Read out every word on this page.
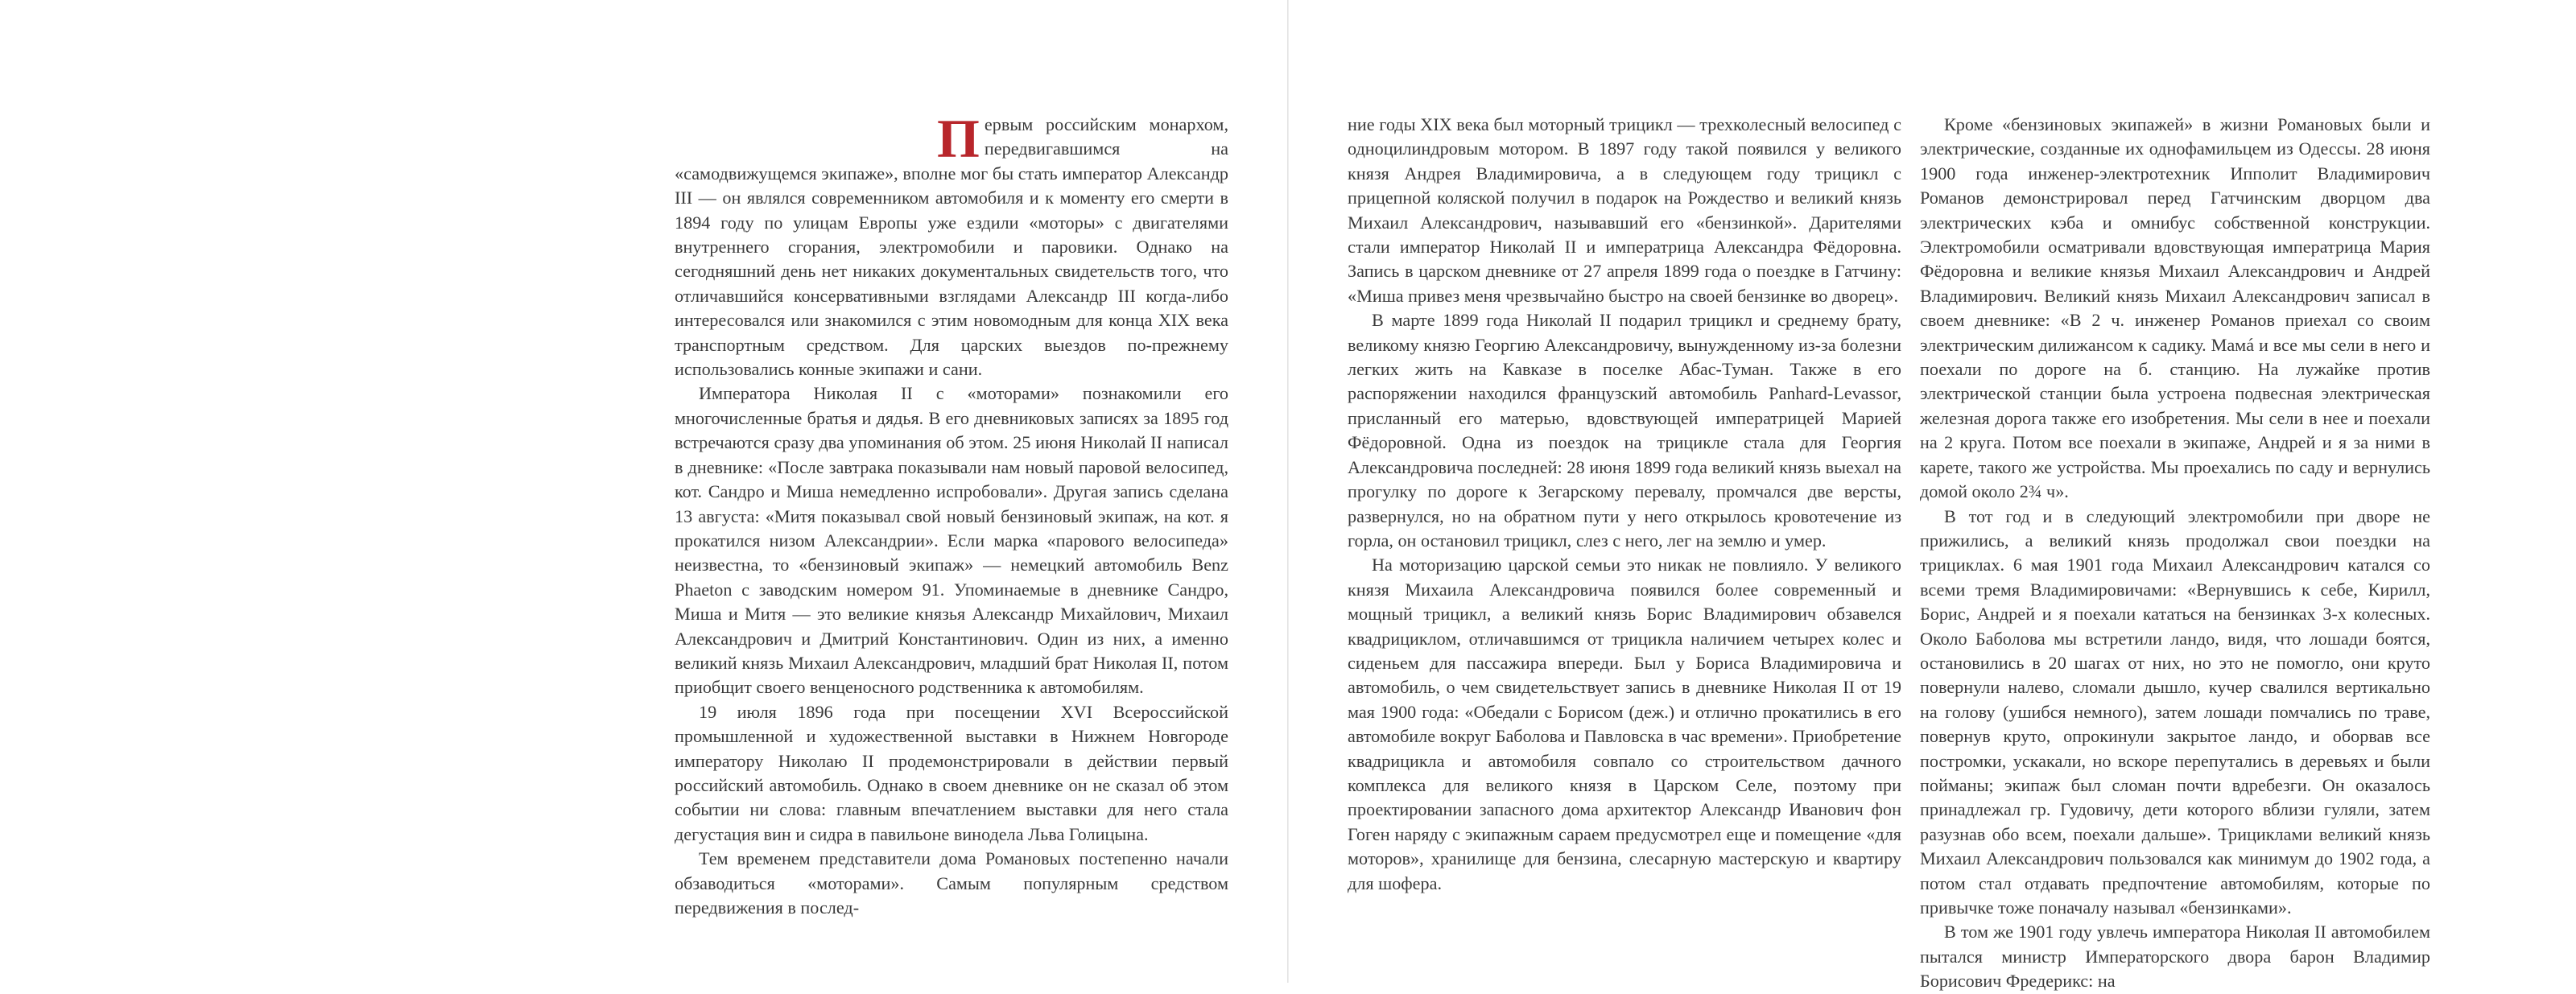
Первым российским монархом, передвигавшимся на «самодвижущемся экипаже», вполне мог бы стать император Александр III — он являлся современником автомобиля и к моменту его смерти в 1894 году по улицам Европы уже ездили «моторы» с двигателями внутреннего сгорания, электромобили и паровики. Однако на сегодняшний день нет никаких документальных свидетельств того, что отличавшийся консервативными взглядами Александр III когда-либо интересовался или знакомился с этим новомодным для конца XIX века транспортным средством. Для царских выездов по-прежнему использовались конные экипажи и сани.

Императора Николая II с «моторами» познакомили его многочисленные братья и дядья. В его дневниковых записях за 1895 год встречаются сразу два упоминания об этом. 25 июня Николай II написал в дневнике: «После завтрака показывали нам новый паровой велосипед, кот. Сандро и Миша немедленно испробовали». Другая запись сделана 13 августа: «Митя показывал свой новый бензиновый экипаж, на кот. я прокатился низом Александрии». Если марка «парового велосипеда» неизвестна, то «бензиновый экипаж» — немецкий автомобиль Benz Phaeton с заводским номером 91. Упоминаемые в дневнике Сандро, Миша и Митя — это великие князья Александр Михайлович, Михаил Александрович и Дмитрий Константинович. Один из них, а именно великий князь Михаил Александрович, младший брат Николая II, потом приобщит своего венценосного родственника к автомобилям.

19 июля 1896 года при посещении XVI Всероссийской промышленной и художественной выставки в Нижнем Новгороде императору Николаю II продемонстрировали в действии первый российский автомобиль. Однако в своем дневнике он не сказал об этом событии ни слова: главным впечатлением выставки для него стала дегустация вин и сидра в павильоне винодела Льва Голицына.

Тем временем представители дома Романовых постепенно начали обзаводиться «моторами». Самым популярным средством передвижения в послед-

ние годы XIX века был моторный трицикл — трехколесный велосипед с одноцилиндровым мотором. В 1897 году такой появился у великого князя Андрея Владимировича, а в следующем году трицикл с прицепной коляской получил в подарок на Рождество и великий князь Михаил Александрович, называвший его «бензинкой». Дарителями стали император Николай II и императрица Александра Фёдоровна. Запись в царском дневнике от 27 апреля 1899 года о поездке в Гатчину: «Миша привез меня чрезвычайно быстро на своей бензинке во дворец».

В марте 1899 года Николай II подарил трицикл и среднему брату, великому князю Георгию Александровичу, вынужденному из-за болезни легких жить на Кавказе в поселке Абас-Туман. Также в его распоряжении находился французский автомобиль Panhard-Levassor, присланный его матерью, вдовствующей императрицей Марией Фёдоровной. Одна из поездок на трицикле стала для Георгия Александровича последней: 28 июня 1899 года великий князь выехал на прогулку по дороге к Зегарскому перевалу, промчался две версты, развернулся, но на обратном пути у него открылось кровотечение из горла, он остановил трицикл, слез с него, лег на землю и умер.

На моторизацию царской семьи это никак не повлияло. У великого князя Михаила Александровича появился более современный и мощный трицикл, а великий князь Борис Владимирович обзавелся квадрициклом, отличавшимся от трицикла наличием четырех колес и сиденьем для пассажира впереди. Был у Бориса Владимировича и автомобиль, о чем свидетельствует запись в дневнике Николая II от 19 мая 1900 года: «Обедали с Борисом (деж.) и отлично прокатились в его автомобиле вокруг Баболова и Павловска в час времени». Приобретение квадрицикла и автомобиля совпало со строительством дачного комплекса для великого князя в Царском Селе, поэтому при проектировании запасного дома архитектор Александр Иванович фон Гоген наряду с экипажным сараем предусмотрел еще и помещение «для моторов», хранилище для бензина, слесарную мастерскую и квартиру для шофера.

Кроме «бензиновых экипажей» в жизни Романовых были и электрические, созданные их однофамильцем из Одессы. 28 июня 1900 года инженер-электротехник Ипполит Владимирович Романов демонстрировал перед Гатчинским дворцом два электрических кэба и омнибус собственной конструкции. Электромобили осматривали вдовствующая императрица Мария Фёдоровна и великие князья Михаил Александрович и Андрей Владимирович. Великий князь Михаил Александрович записал в своем дневнике: «В 2 ч. инженер Романов приехал со своим электрическим дилижансом к садику. Мамá и все мы сели в него и поехали по дороге на б. станцию. На лужайке против электрической станции была устроена подвесная электрическая железная дорога также его изобретения. Мы сели в нее и поехали на 2 круга. Потом все поехали в экипаже, Андрей и я за ними в карете, такого же устройства. Мы проехались по саду и вернулись домой около 2¾ ч».

В тот год и в следующий электромобили при дворе не прижились, а великий князь продолжал свои поездки на трициклах. 6 мая 1901 года Михаил Александрович катался со всеми тремя Владимировичами: «Вернувшись к себе, Кирилл, Борис, Андрей и я поехали кататься на бензинках 3-х колесных. Около Баболова мы встретили ландо, видя, что лошади боятся, остановились в 20 шагах от них, но это не помогло, они круто повернули налево, сломали дышло, кучер свалился вертикально на голову (ушибся немного), затем лошади помчались по траве, повернув круто, опрокинули закрытое ландо, и оборвав все постромки, ускакали, но вскоре перепутались в деревьях и были пойманы; экипаж был сломан почти вдребезги. Он оказалось принадлежал гр. Гудовичу, дети которого вблизи гуляли, затем разузнав обо всем, поехали дальше». Трициклами великий князь Михаил Александрович пользовался как минимум до 1902 года, а потом стал отдавать предпочтение автомобилям, которые по привычке тоже поначалу называл «бензинками».

В том же 1901 году увлечь императора Николая II автомобилем пытался министр Императорского двора барон Владимир Борисович Фредерикс: на
